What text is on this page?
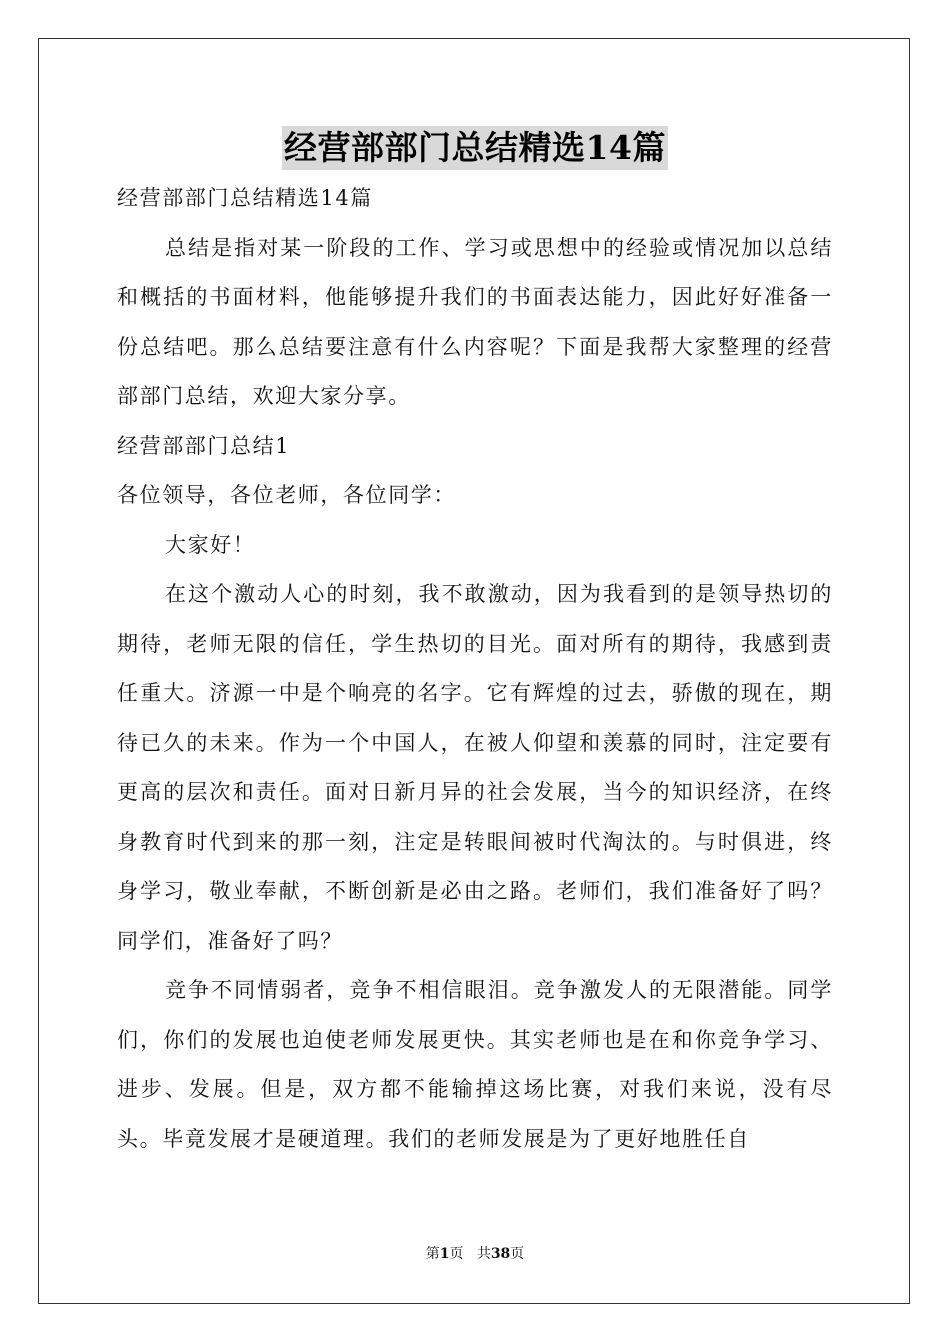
经营部部门总结精选14篇

经营部部门总结精选14篇

总结是指对某一阶段的工作、学习或思想中的经验或情况加以总结和概括的书面材料，他能够提升我们的书面表达能力，因此好好准备一份总结吧。那么总结要注意有什么内容呢？下面是我帮大家整理的经营部部门总结，欢迎大家分享。

经营部部门总结1

各位领导，各位老师，各位同学：

大家好！

在这个激动人心的时刻，我不敢激动，因为我看到的是领导热切的期待，老师无限的信任，学生热切的目光。面对所有的期待，我感到责任重大。济源一中是个响亮的名字。它有辉煌的过去，骄傲的现在，期待已久的未来。作为一个中国人，在被人仰望和羡慕的同时，注定要有更高的层次和责任。面对日新月异的社会发展，当今的知识经济，在终身教育时代到来的那一刻，注定是转眼间被时代淘汰的。与时俱进，终身学习，敬业奉献，不断创新是必由之路。老师们，我们准备好了吗？同学们，准备好了吗？

竞争不同情弱者，竞争不相信眼泪。竞争激发人的无限潜能。同学们，你们的发展也迫使老师发展更快。其实老师也是在和你竞争学习、进步、发展。但是，双方都不能输掉这场比赛，对我们来说，没有尽头。毕竟发展才是硬道理。我们的老师发展是为了更好地胜任自

第1页 共38页
